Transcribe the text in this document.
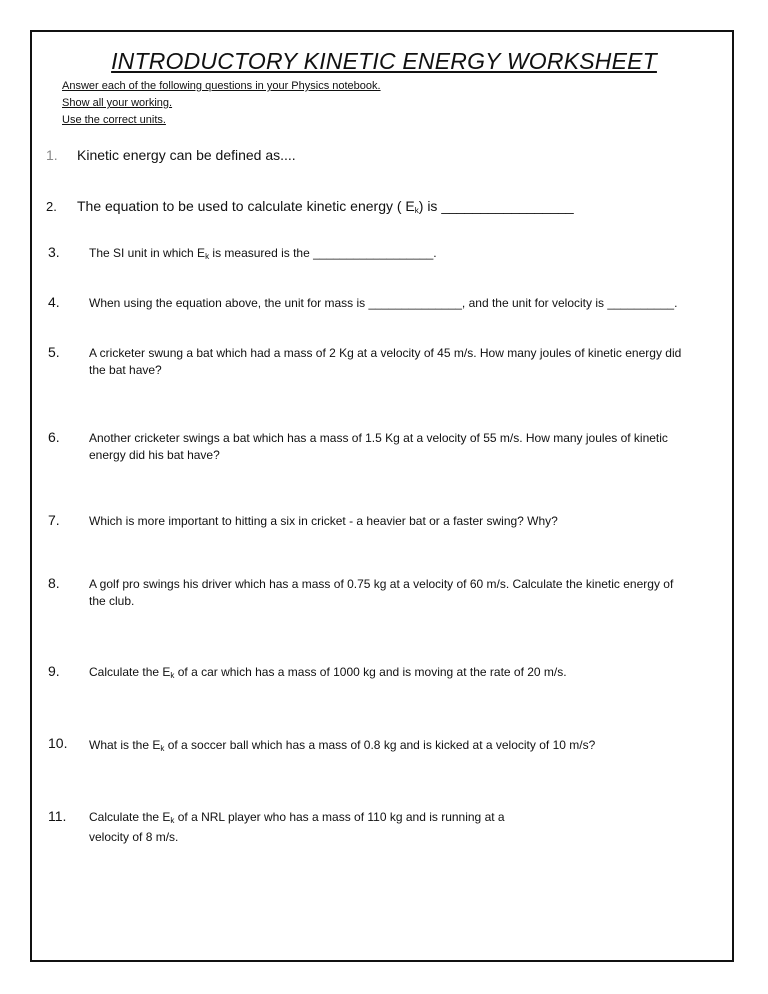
INTRODUCTORY KINETIC ENERGY WORKSHEET
Answer each of the following questions in your Physics notebook.
Show all your working.
Use the correct units.
1. Kinetic energy can be defined as....
2. The equation to be used to calculate kinetic energy ( $E_k$) is _________________
3. The SI unit in which $E_k$ is measured is the __________________.
4. When using the equation above, the unit for mass is ______________, and the unit for velocity is __________.
5. A cricketer swung a bat which had a mass of 2 Kg at a velocity of 45 m/s. How many joules of kinetic energy did
the bat have?
6. Another cricketer swings a bat which has a mass of 1.5 Kg at a velocity of 55 m/s. How many joules of kinetic
energy did his bat have?
7. Which is more important to hitting a six in cricket - a heavier bat or a faster swing? Why?
8. A golf pro swings his driver which has a mass of 0.75 kg at a velocity of 60 m/s. Calculate the kinetic energy of
the club.
9. Calculate the $E_k$ of a car which has a mass of 1000 kg and is moving at the rate of 20 m/s.
10. What is the $E_k$ of a soccer ball which has a mass of 0.8 kg and is kicked at a velocity of 10 m/s?
11. Calculate the $E_k$ of a NRL player who has a mass of 110 kg and is running at a
velocity of 8 m/s.
